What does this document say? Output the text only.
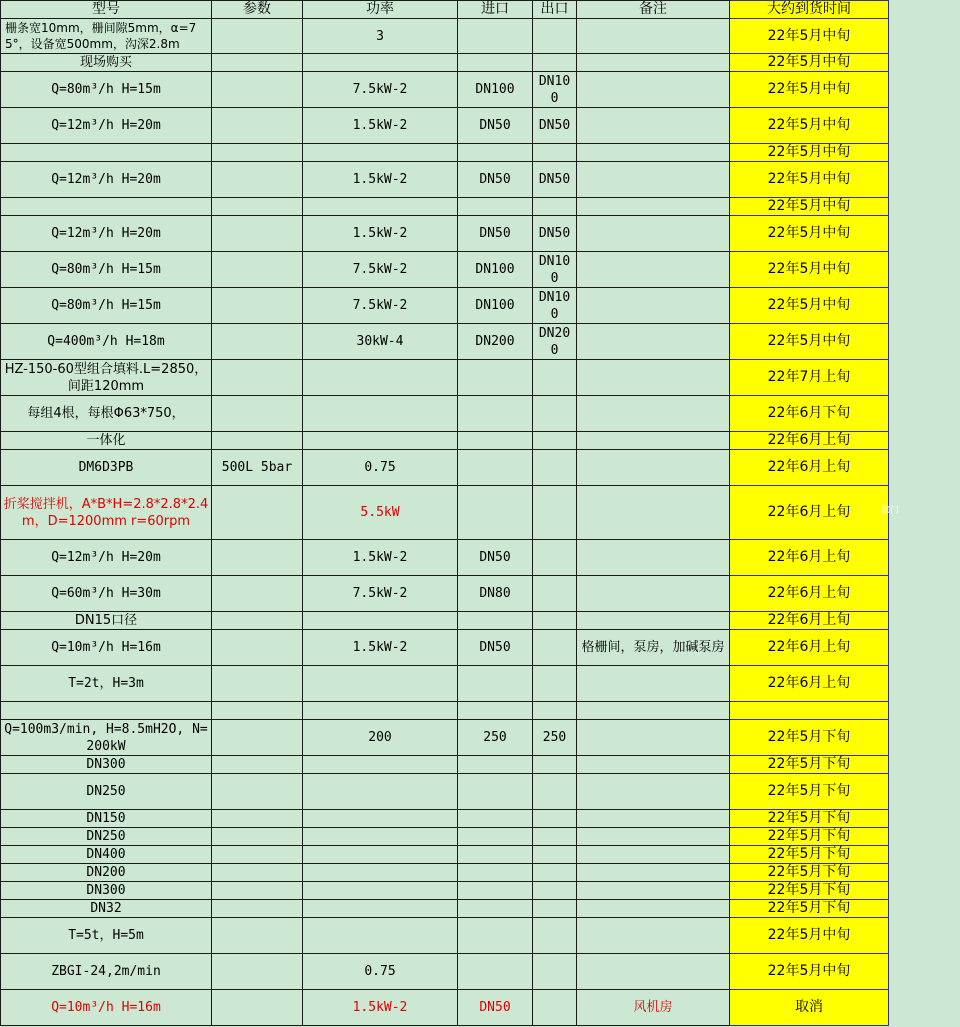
型号	参数	功率	进口	出口	备注	大约到货时间
栅条宽10mm，栅间隙5mm，α=75°，设备宽500mm，沟深2.8m		3				22年5月中旬
现场购买						22年5月中旬
Q=80m³/h H=15m		7.5kW-2	DN100	DN100		22年5月中旬
Q=12m³/h H=20m		1.5kW-2	DN50	DN50		22年5月中旬
						22年5月中旬
Q=12m³/h H=20m		1.5kW-2	DN50	DN50		22年5月中旬
						22年5月中旬
Q=12m³/h H=20m		1.5kW-2	DN50	DN50		22年5月中旬
Q=80m³/h H=15m		7.5kW-2	DN100	DN100		22年5月中旬
Q=80m³/h H=15m		7.5kW-2	DN100	DN100		22年5月中旬
Q=400m³/h H=18m		30kW-4	DN200	DN200		22年5月中旬
HZ-150-60型组合填料.L=2850，间距120mm						22年7月上旬
每组4根，每根Φ63*750，						22年6月下旬
一体化						22年6月上旬
DM6D3PB	500L 5bar	0.75				22年6月上旬
折桨搅拌机，A*B*H=2.8*2.8*2.4m，D=1200mm r=60rpm		5.5kW				22年6月上旬
Q=12m³/h H=20m		1.5kW-2	DN50			22年6月上旬
Q=60m³/h H=30m		7.5kW-2	DN80			22年6月上旬
DN15口径						22年6月上旬
Q=10m³/h H=16m		1.5kW-2	DN50		格栅间，泵房，加碱泵房	22年6月上旬
T=2t，H=3m						22年6月上旬

Q=100m3/min, H=8.5mH2O, N=200kW		200	250	250		22年5月下旬
DN300						22年5月下旬
DN250						22年5月下旬
DN150						22年5月下旬
DN250						22年5月下旬
DN400						22年5月下旬
DN200						22年5月下旬
DN300						22年5月下旬
DN32						22年5月下旬
T=5t，H=5m						22年5月中旬
ZBGI-24,2m/min		0.75				22年5月中旬
Q=10m³/h H=16m		1.5kW-2	DN50		风机房	取消
部门
